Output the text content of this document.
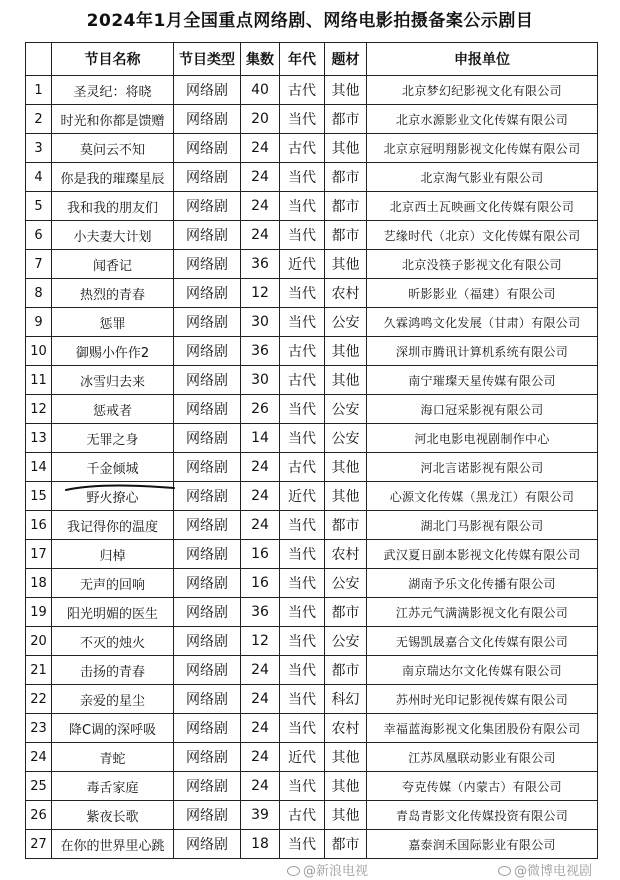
2024年1月全国重点网络剧、网络电影拍摄备案公示剧目
	节目名称	节目类型	集数	年代	题材	申报单位
1	圣灵纪：将晓	网络剧	40	古代	其他	北京梦幻纪影视文化有限公司
2	时光和你都是馈赠	网络剧	20	当代	都市	北京水源影业文化传媒有限公司
3	莫问云不知	网络剧	24	古代	其他	北京京冠明翔影视文化传媒有限公司
4	你是我的璀璨星辰	网络剧	24	当代	都市	北京淘气影业有限公司
5	我和我的朋友们	网络剧	24	当代	都市	北京西土瓦映画文化传媒有限公司
6	小夫妻大计划	网络剧	24	当代	都市	艺缘时代（北京）文化传媒有限公司
7	闻香记	网络剧	36	近代	其他	北京没筷子影视文化有限公司
8	热烈的青春	网络剧	12	当代	农村	昕影影业（福建）有限公司
9	惩罪	网络剧	30	当代	公安	久霖鸿鸣文化发展（甘肃）有限公司
10	御赐小仵作2	网络剧	36	古代	其他	深圳市腾讯计算机系统有限公司
11	冰雪归去来	网络剧	30	古代	其他	南宁璀璨天星传媒有限公司
12	惩戒者	网络剧	26	当代	公安	海口冠采影视有限公司
13	无罪之身	网络剧	14	当代	公安	河北电影电视剧制作中心
14	千金倾城	网络剧	24	古代	其他	河北言诺影视有限公司
15	野火撩心	网络剧	24	近代	其他	心源文化传媒（黑龙江）有限公司
16	我记得你的温度	网络剧	24	当代	都市	湖北门马影视有限公司
17	归棹	网络剧	16	当代	农村	武汉夏日副本影视文化传媒有限公司
18	无声的回响	网络剧	16	当代	公安	湖南予乐文化传播有限公司
19	阳光明媚的医生	网络剧	36	当代	都市	江苏元气满满影视文化有限公司
20	不灭的烛火	网络剧	12	当代	公安	无锡凯晟嘉合文化传媒有限公司
21	击扬的青春	网络剧	24	当代	都市	南京瑞达尔文化传媒有限公司
22	亲爱的星尘	网络剧	24	当代	科幻	苏州时光印记影视传媒有限公司
23	降C调的深呼吸	网络剧	24	当代	农村	幸福蓝海影视文化集团股份有限公司
24	青蛇	网络剧	24	近代	其他	江苏凤凰联动影业有限公司
25	毒舌家庭	网络剧	24	当代	其他	夸克传媒（内蒙古）有限公司
26	紫夜长歌	网络剧	39	古代	其他	青岛青影文化传媒投资有限公司
27	在你的世界里心跳	网络剧	18	当代	都市	嘉泰润禾国际影业有限公司
@新浪电视	@微博电视剧
